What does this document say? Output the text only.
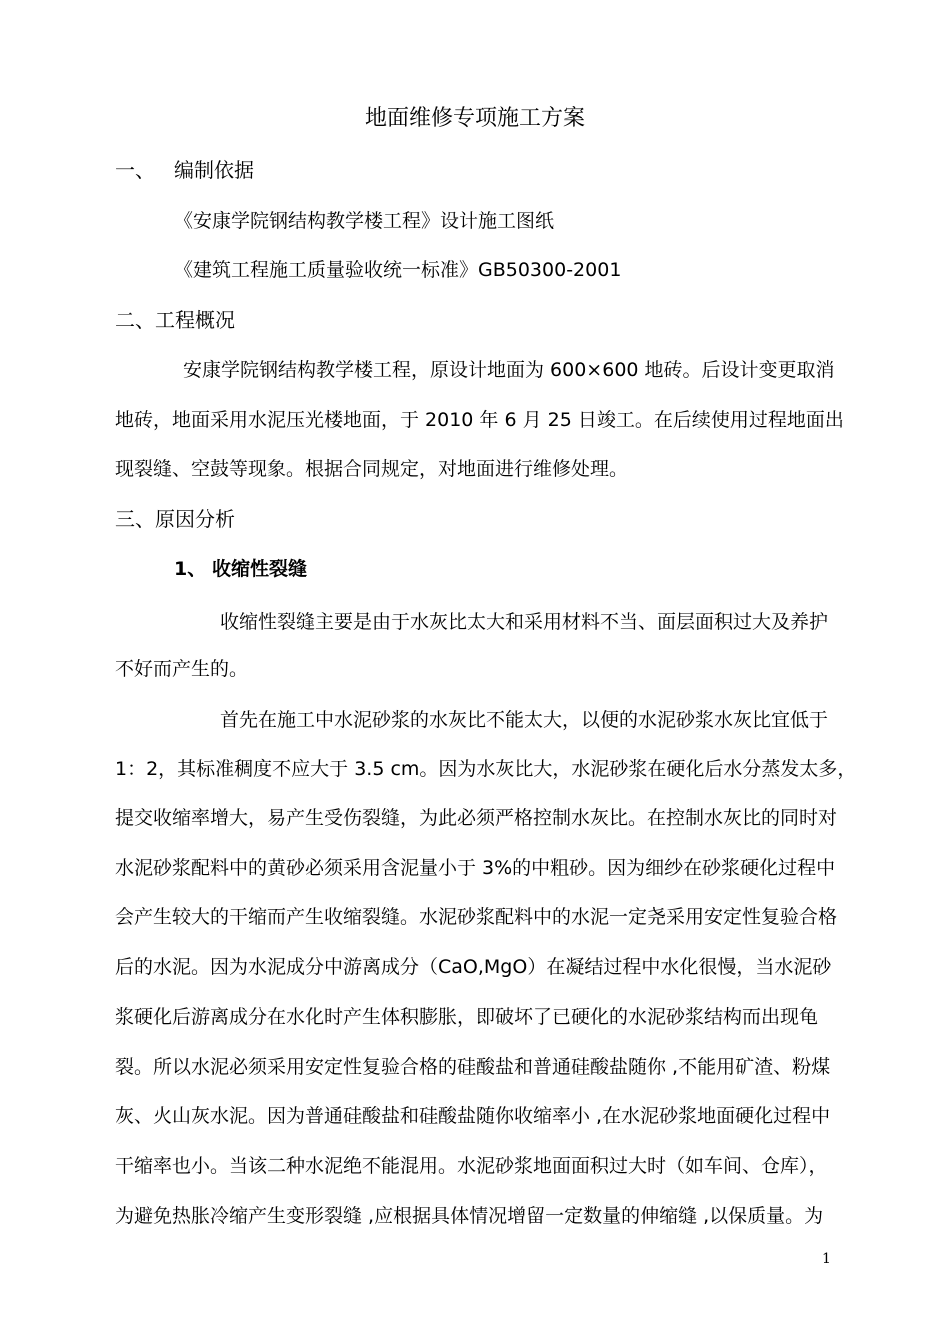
地面维修专项施工方案
一、 编制依据
《安康学院钢结构教学楼工程》设计施工图纸
《建筑工程施工质量验收统一标准》GB50300-2001
二、工程概况
安康学院钢结构教学楼工程，原设计地面为 600×600 地砖。后设计变更取消
地砖，地面采用水泥压光楼地面，于 2010 年 6 月 25 日竣工。在后续使用过程地面出
现裂缝、空鼓等现象。根据合同规定，对地面进行维修处理。
三、原因分析
1、 收缩性裂缝
收缩性裂缝主要是由于水灰比太大和采用材料不当、面层面积过大及养护
不好而产生的。
首先在施工中水泥砂浆的水灰比不能太大，以便的水泥砂浆水灰比宜低于
1：2，其标准稠度不应大于 3.5 cm。因为水灰比大，水泥砂浆在硬化后水分蒸发太多，
提交收缩率增大，易产生受伤裂缝，为此必须严格控制水灰比。在控制水灰比的同时对
水泥砂浆配料中的黄砂必须采用含泥量小于 3%的中粗砂。因为细纱在砂浆硬化过程中
会产生较大的干缩而产生收缩裂缝。水泥砂浆配料中的水泥一定尧采用安定性复验合格
后的水泥。因为水泥成分中游离成分（CaO,MgO）在凝结过程中水化很慢，当水泥砂
浆硬化后游离成分在水化时产生体积膨胀，即破坏了已硬化的水泥砂浆结构而出现龟
裂。所以水泥必须采用安定性复验合格的硅酸盐和普通硅酸盐随你 ,不能用矿渣、粉煤
灰、火山灰水泥。因为普通硅酸盐和硅酸盐随你收缩率小 ,在水泥砂浆地面硬化过程中
干缩率也小。当该二种水泥绝不能混用。水泥砂浆地面面积过大时（如车间、仓库），
为避免热胀冷缩产生变形裂缝 ,应根据具体情况增留一定数量的伸缩缝 ,以保质量。为
1
